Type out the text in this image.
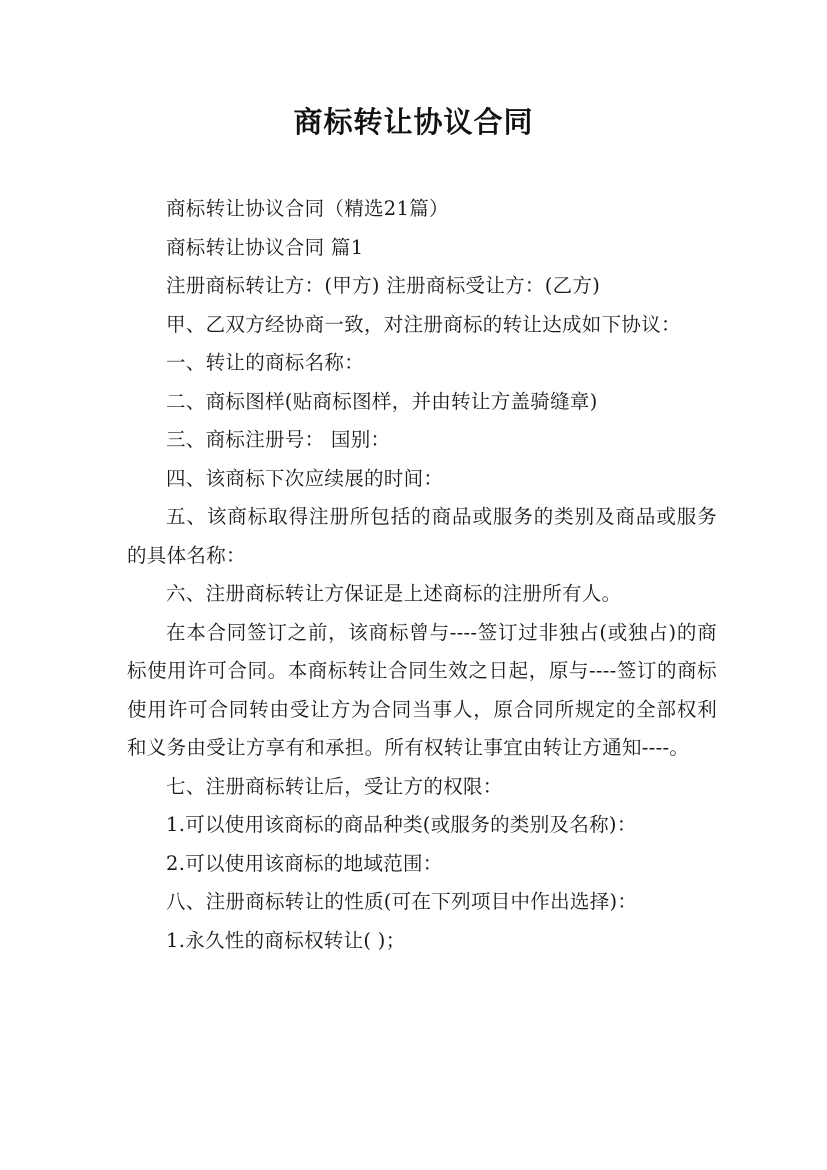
商标转让协议合同

商标转让协议合同（精选21篇）

商标转让协议合同 篇1

注册商标转让方：(甲方) 注册商标受让方：(乙方)

甲、乙双方经协商一致，对注册商标的转让达成如下协议：

一、转让的商标名称：

二、商标图样(贴商标图样，并由转让方盖骑缝章)

三、商标注册号： 国别：

四、该商标下次应续展的时间：

五、该商标取得注册所包括的商品或服务的类别及商品或服务的具体名称：

六、注册商标转让方保证是上述商标的注册所有人。

在本合同签订之前，该商标曾与----签订过非独占(或独占)的商标使用许可合同。本商标转让合同生效之日起，原与----签订的商标使用许可合同转由受让方为合同当事人，原合同所规定的全部权利和义务由受让方享有和承担。所有权转让事宜由转让方通知----。

七、注册商标转让后，受让方的权限：

1.可以使用该商标的商品种类(或服务的类别及名称)：

2.可以使用该商标的地域范围：

八、注册商标转让的性质(可在下列项目中作出选择)：

1.永久性的商标权转让( )；
